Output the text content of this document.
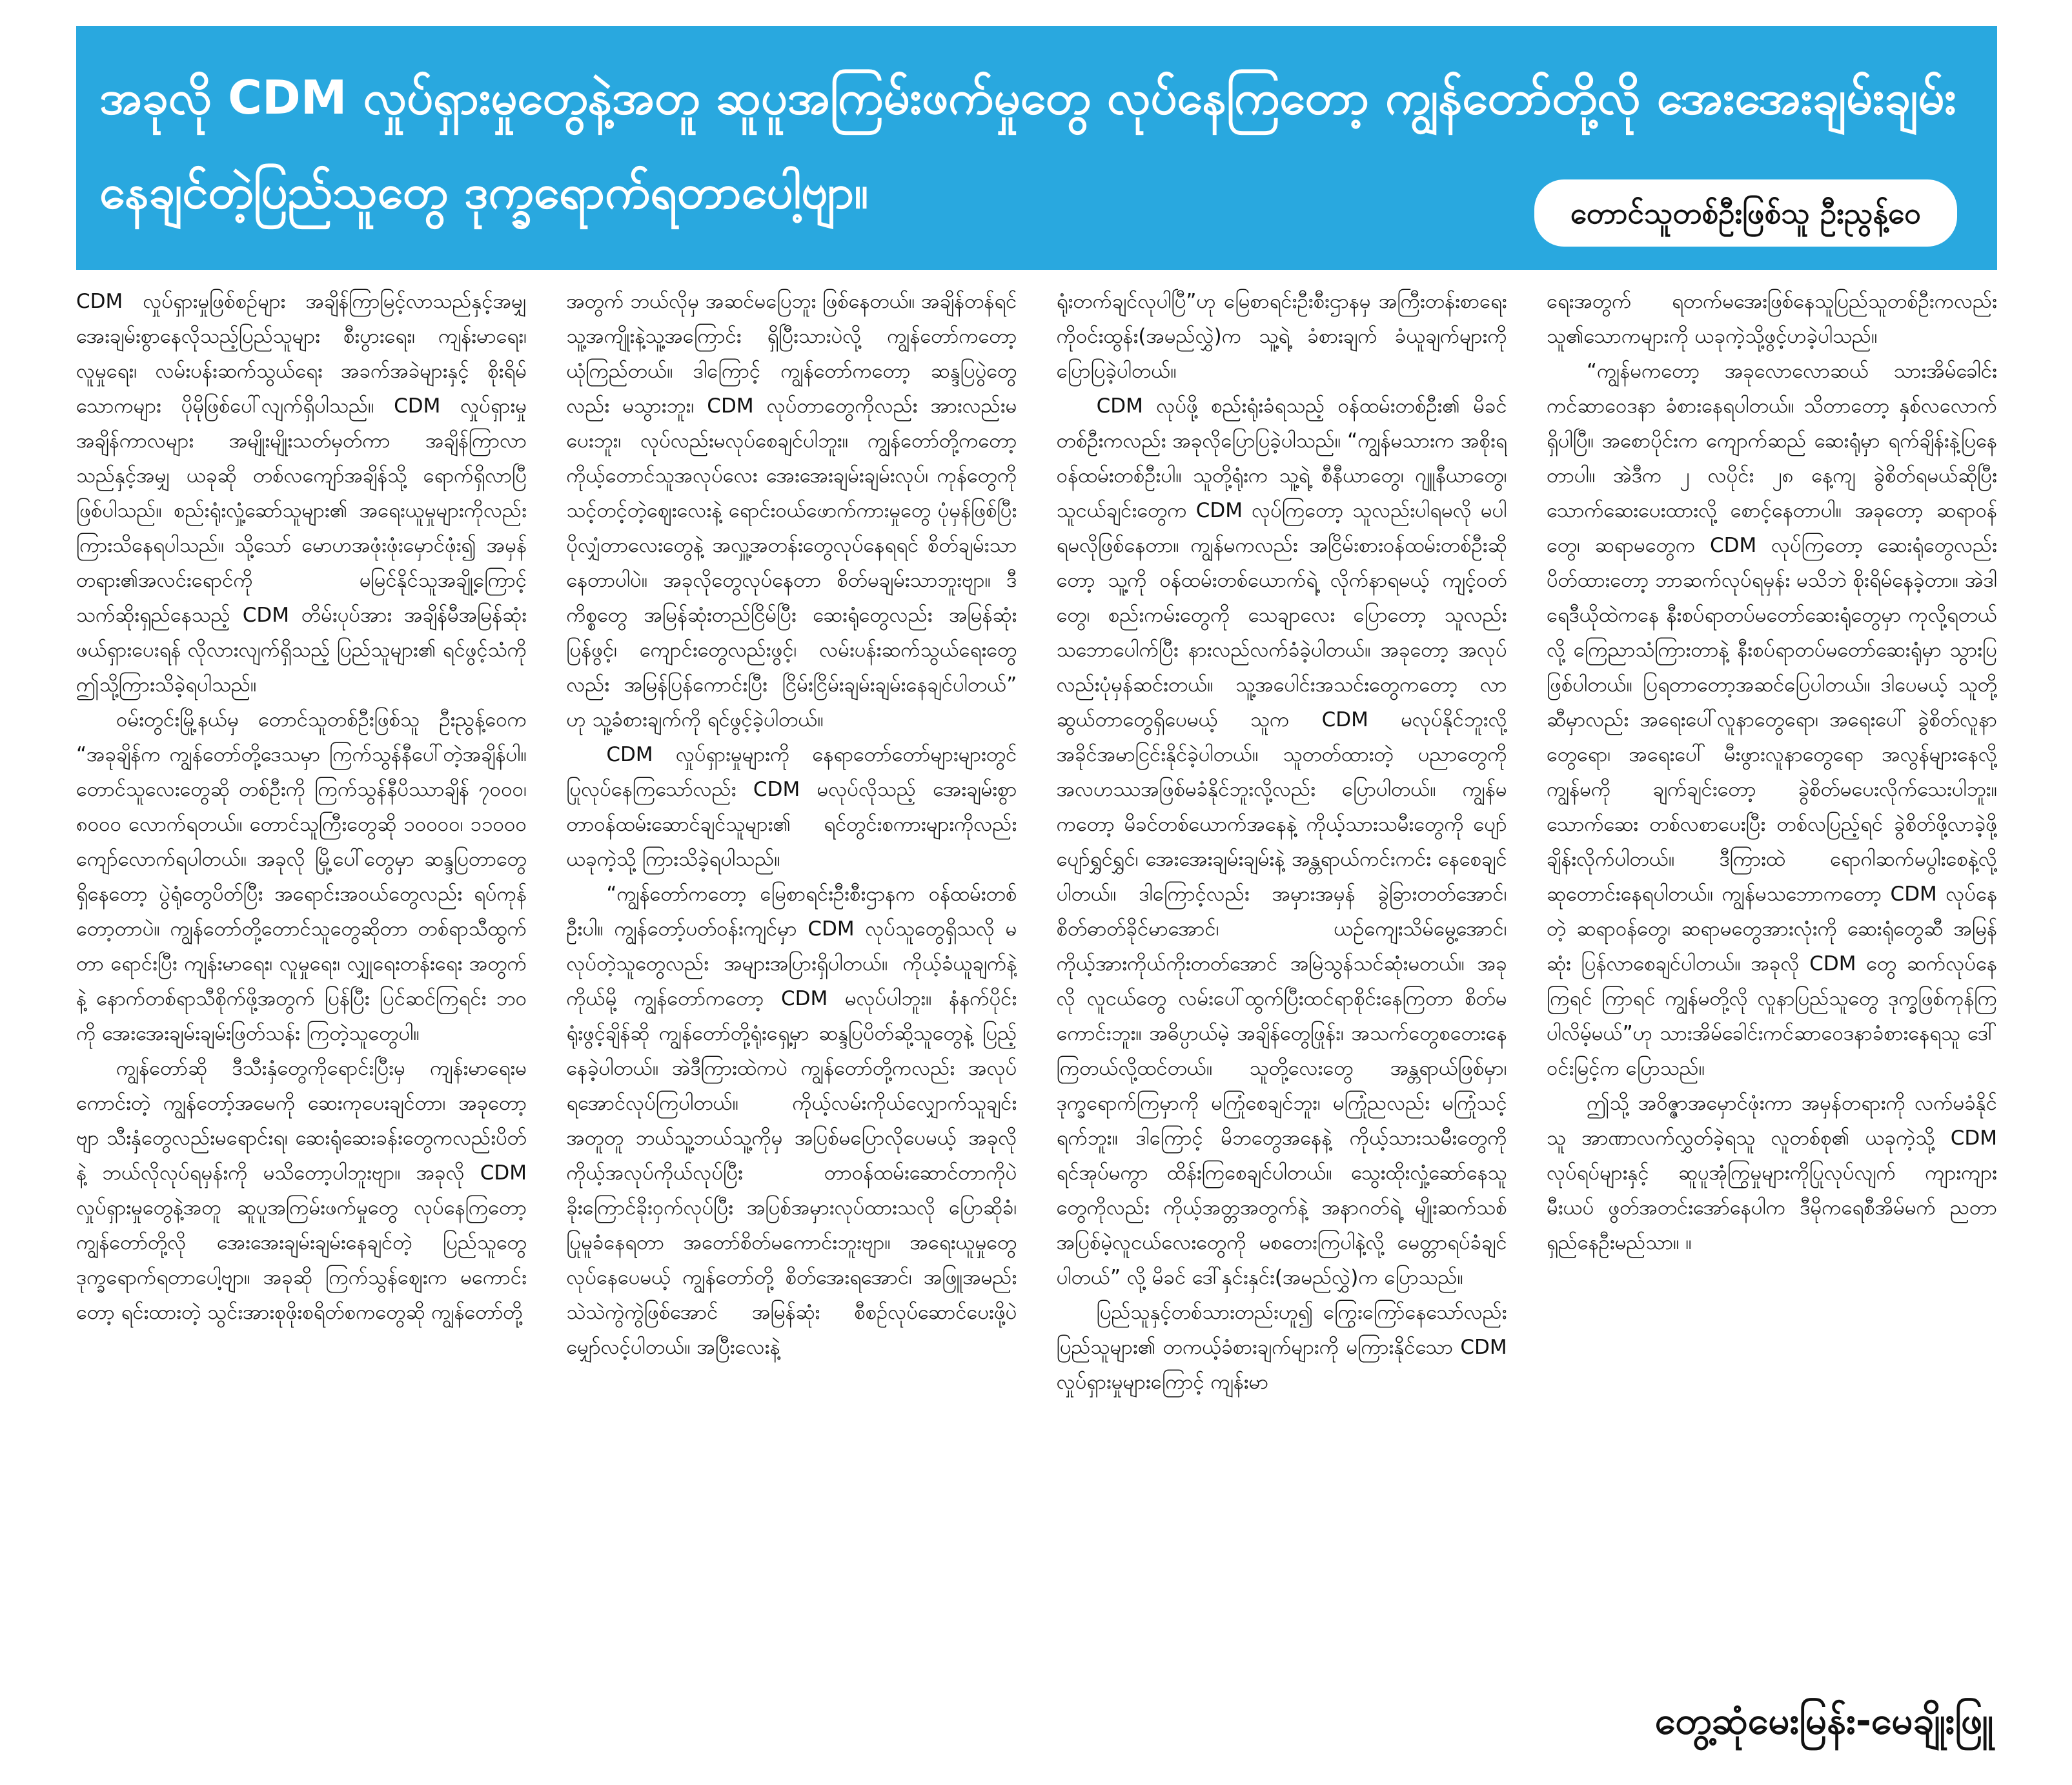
အခုလို CDM လှုပ်ရှားမှုတွေနဲ့အတူ ဆူပူအကြမ်းဖက်မှုတွေ လုပ်နေကြတော့ ကျွန်တော်တို့လို အေးအေးချမ်းချမ်း နေချင်တဲ့ပြည်သူတွေ ဒုက္ခရောက်ရတာပေါ့ဗျာ။	တောင်သူတစ်ဦးဖြစ်သူ ဦးညွန့်ဝေ

CDM လှုပ်ရှားမှုဖြစ်စဉ်များ အချိန်ကြာမြင့်လာသည်နှင့်အမျှ အေးချမ်းစွာနေလိုသည့်ပြည်သူများ စီးပွားရေး၊ ကျန်းမာရေး၊ လူမှုရေး၊ လမ်းပန်းဆက်သွယ်ရေး အခက်အခဲများနှင့် စိုးရိမ်သောကများ ပိုမိုဖြစ်ပေါ်လျက်ရှိပါသည်။ CDM လှုပ်ရှားမှုအချိန်ကာလများ အမျိုးမျိုးသတ်မှတ်ကာ အချိန်ကြာလာသည်နှင့်အမျှ ယခုဆို တစ်လကျော်အချိန်သို့ ရောက်ရှိလာပြီ ဖြစ်ပါသည်။ စည်းရုံးလှုံ့ဆော်သူများ၏ အရေးယူမှုများကိုလည်း ကြားသိနေရပါသည်။ သို့သော် မောဟအဖုံးဖုံးမှောင်ဖုံး၍ အမှန်တရား၏အလင်းရောင်ကို မမြင်နိုင်သူအချို့ကြောင့် သက်ဆိုးရှည်နေသည့် CDM တိမ်းပုပ်အား အချိန်မီအမြန်ဆုံးဖယ်ရှားပေးရန် လိုလားလျက်ရှိသည့် ပြည်သူများ၏ ရင်ဖွင့်သံကို ဤသို့ကြားသိခဲ့ရပါသည်။

ဝမ်းတွင်းမြို့နယ်မှ တောင်သူတစ်ဦးဖြစ်သူ ဦးညွန့်ဝေက “အခုချိန်က ကျွန်တော်တို့ဒေသမှာ ကြက်သွန်နီပေါ်တဲ့အချိန်ပါ။ တောင်သူလေးတွေဆို တစ်ဦးကို ကြက်သွန်နီပိဿာချိန် ၇၀၀၀၊ ၈၀၀၀ လောက်ရတယ်။ တောင်သူကြီးတွေဆို ၁၀၀၀၀၊ ၁၁၀၀၀ ကျော်လောက်ရပါတယ်။ အခုလို မြို့ပေါ်တွေမှာ ဆန္ဒပြတာတွေရှိနေတော့ ပွဲရုံတွေပိတ်ပြီး အရောင်းအဝယ်တွေလည်း ရပ်ကုန်တော့တာပဲ။ ကျွန်တော်တို့တောင်သူတွေဆိုတာ တစ်ရာသီထွက်တာ ရောင်းပြီး ကျန်းမာရေး၊ လူမှုရေး၊ လျှုရေးတန်းရေး အတွက်နဲ့ နောက်တစ်ရာသီစိုက်ဖို့အတွက် ပြန်ပြီး ပြင်ဆင်ကြရင်း ဘဝကို အေးအေးချမ်းချမ်းဖြတ်သန်း ကြတဲ့သူတွေပါ။

ကျွန်တော်ဆို ဒီသီးနှံတွေကိုရောင်းပြီးမှ ကျန်းမာရေးမကောင်းတဲ့ ကျွန်တော့်အမေကို ဆေးကုပေးချင်တာ၊ အခုတော့ဗျာ သီးနှံတွေလည်းမရောင်းရ၊ ဆေးရုံဆေးခန်းတွေကလည်းပိတ်နဲ့ ဘယ်လိုလုပ်ရမှန်းကို မသိတော့ပါဘူးဗျာ။ အခုလို CDM လှုပ်ရှားမှုတွေနဲ့အတူ ဆူပူအကြမ်းဖက်မှုတွေ လုပ်နေကြတော့ ကျွန်တော်တို့လို အေးအေးချမ်းချမ်းနေချင်တဲ့ ပြည်သူတွေ ဒုက္ခရောက်ရတာပေါ့ဗျာ။ အခုဆို ကြက်သွန်ဈေးက မကောင်းတော့ ရင်းထားတဲ့ သွင်းအားစုဖိုးစရိတ်စကတွေဆို ကျွန်တော်တို့

အတွက် ဘယ်လိုမှ အဆင်မပြေဘူး ဖြစ်နေတယ်။ အချိန်တန်ရင် သူ့အကျိုးနဲ့သူ့အကြောင်း ရှိပြီးသားပဲလို့ ကျွန်တော်ကတော့ ယုံကြည်တယ်။ ဒါကြောင့် ကျွန်တော်ကတော့ ဆန္ဒပြပွဲတွေလည်း မသွားဘူး၊ CDM လုပ်တာတွေကိုလည်း အားလည်းမပေးဘူး၊ လုပ်လည်းမလုပ်စေချင်ပါဘူး။ ကျွန်တော်တို့ကတော့ ကိုယ့်တောင်သူအလုပ်လေး အေးအေးချမ်းချမ်းလုပ်၊ ကုန်တွေကိုသင့်တင့်တဲ့ဈေးလေးနဲ့ ရောင်းဝယ်ဖောက်ကားမှုတွေ ပုံမှန်ဖြစ်ပြီး ပိုလျှံတာလေးတွေနဲ့ အလှူ့အတန်းတွေလုပ်နေရရင် စိတ်ချမ်းသာနေတာပါပဲ။ အခုလိုတွေလုပ်နေတာ စိတ်မချမ်းသာဘူးဗျာ။ ဒီကိစ္စတွေ အမြန်ဆုံးတည်ငြိမ်ပြီး ဆေးရုံတွေလည်း အမြန်ဆုံးပြန်ဖွင့်၊ ကျောင်းတွေလည်းဖွင့်၊ လမ်းပန်းဆက်သွယ်ရေးတွေလည်း အမြန်ပြန်ကောင်းပြီး ငြိမ်းငြိမ်းချမ်းချမ်းနေချင်ပါတယ်” ဟု သူ့ခံစားချက်ကို ရင်ဖွင့်ခဲ့ပါတယ်။

CDM လှုပ်ရှားမှုများကို နေရာတော်တော်များများတွင် ပြုလုပ်နေကြသော်လည်း CDM မလုပ်လိုသည့် အေးချမ်းစွာတာဝန်ထမ်းဆောင်ချင်သူများ၏ ရင်တွင်းစကားများကိုလည်း ယခုကဲ့သို့ ကြားသိခဲ့ရပါသည်။

“ကျွန်တော်ကတော့ မြေစာရင်းဦးစီးဌာနက ဝန်ထမ်းတစ်ဦးပါ။ ကျွန်တော့်ပတ်ဝန်းကျင်မှာ CDM လုပ်သူတွေရှိသလို မလုပ်တဲ့သူတွေလည်း အများအပြားရှိပါတယ်။ ကိုယ့်ခံယူချက်နဲ့ကိုယ်မို့ ကျွန်တော်ကတော့ CDM မလုပ်ပါဘူး။ နံနက်ပိုင်း ရုံးဖွင့်ချိန်ဆို ကျွန်တော်တို့ရုံးရှေ့မှာ ဆန္ဒပြပိတ်ဆို့သူတွေနဲ့ ပြည့်နေခဲ့ပါတယ်။ အဲဒီကြားထဲကပဲ ကျွန်တော်တို့ကလည်း အလုပ်ရအောင်လုပ်ကြပါတယ်။ ကိုယ့်လမ်းကိုယ်လျှောက်သူချင်းအတူတူ ဘယ်သူ့ဘယ်သူ့ကိုမှ အပြစ်မပြောလိုပေမယ့် အခုလို ကိုယ့်အလုပ်ကိုယ်လုပ်ပြီး တာဝန်ထမ်းဆောင်တာကိုပဲ ခိုးကြောင်ခိုးဝှက်လုပ်ပြီး အပြစ်အမှားလုပ်ထားသလို ပြောဆိုခံ၊ ပြုမူခံနေရတာ အတော်စိတ်မကောင်းဘူးဗျာ။ အရေးယူမှုတွေ လုပ်နေပေမယ့် ကျွန်တော်တို့ စိတ်အေးရအောင်၊ အဖြူအမည်းသဲသဲကွဲကွဲဖြစ်အောင် အမြန်ဆုံး စီစဉ်လုပ်ဆောင်ပေးဖို့ပဲ မျှော်လင့်ပါတယ်။ အပြီးလေးနဲ့

ရုံးတက်ချင်လုပါပြီ”ဟု မြေစာရင်းဦးစီးဌာနမှ အကြီးတန်းစာရေး ကိုဝင်းထွန်း(အမည်လွှဲ)က သူ့ရဲ့ ခံစားချက် ခံယူချက်များကို ပြောပြခဲ့ပါတယ်။

CDM လုပ်ဖို့ စည်းရုံးခံရသည့် ဝန်ထမ်းတစ်ဦး၏ မိခင်တစ်ဦးကလည်း အခုလိုပြောပြခဲ့ပါသည်။ “ကျွန်မသားက အစိုးရဝန်ထမ်းတစ်ဦးပါ။ သူတို့ရုံးက သူ့ရဲ့ စီနီယာတွေ၊ ဂျူနီယာတွေ၊ သူငယ်ချင်းတွေက CDM လုပ်ကြတော့ သူလည်းပါရမလို မပါရမလိုဖြစ်နေတာ။ ကျွန်မကလည်း အငြိမ်းစားဝန်ထမ်းတစ်ဦးဆိုတော့ သူ့ကို ဝန်ထမ်းတစ်ယောက်ရဲ့ လိုက်နာရမယ့် ကျင့်ဝတ်တွေ၊ စည်းကမ်းတွေကို သေချာလေး ပြောတော့ သူလည်းသဘောပေါက်ပြီး နားလည်လက်ခံခဲ့ပါတယ်။ အခုတော့ အလုပ်လည်းပုံမှန်ဆင်းတယ်။ သူ့အပေါင်းအသင်းတွေကတော့ လာဆွယ်တာတွေရှိပေမယ့် သူက CDM မလုပ်နိုင်ဘူးလို့ အခိုင်အမာငြင်းနိုင်ခဲ့ပါတယ်။ သူတတ်ထားတဲ့ ပညာတွေကို အလဟဿအဖြစ်မခံနိုင်ဘူးလို့လည်း ပြောပါတယ်။ ကျွန်မကတော့ မိခင်တစ်ယောက်အနေနဲ့ ကိုယ့်သားသမီးတွေကို ပျော်ပျော်ရွှင်ရွှင်၊ အေးအေးချမ်းချမ်းနဲ့ အန္တရာယ်ကင်းကင်း နေစေချင်ပါတယ်။ ဒါကြောင့်လည်း အမှားအမှန် ခွဲခြားတတ်အောင်၊ စိတ်ဓာတ်ခိုင်မာအောင်၊ ယဉ်ကျေးသိမ်မွေ့အောင်၊ ကိုယ့်အားကိုယ်ကိုးတတ်အောင် အမြဲသွန်သင်ဆုံးမတယ်။ အခုလို လူငယ်တွေ လမ်းပေါ်ထွက်ပြီးထင်ရာစိုင်းနေကြတာ စိတ်မကောင်းဘူး။ အဓိပ္ပာယ်မဲ့ အချိန်တွေဖြုန်း၊ အသက်တွေစတေးနေကြတယ်လို့ထင်တယ်။ သူတို့လေးတွေ အန္တရာယ်ဖြစ်မှာ၊ ဒုက္ခရောက်ကြမှာကို မကြုံစေချင်ဘူး၊ မကြုံညလည်း မကြုံသင့်ရက်ဘူး။ ဒါကြောင့် မိဘတွေအနေနဲ့ ကိုယ့်သားသမီးတွေကို ရင်အုပ်မကွာ ထိန်းကြစေချင်ပါတယ်။ သွေးထိုးလှုံ့ဆော်နေသူတွေကိုလည်း ကိုယ့်အတ္တအတွက်နဲ့ အနာဂတ်ရဲ့ မျိုးဆက်သစ် အပြစ်မဲ့လူငယ်လေးတွေကို မစတေးကြပါနဲ့လို့ မေတ္တာရပ်ခံချင်ပါတယ်” လို့ မိခင် ဒေါ်နှင်းနှင်း(အမည်လွှဲ)က ပြောသည်။

ပြည်သူနှင့်တစ်သားတည်းဟူ၍ ကြွေးကြော်နေသော်လည်း ပြည်သူများ၏ တကယ့်ခံစားချက်များကို မကြားနိုင်သော CDM လှုပ်ရှားမှုများကြောင့် ကျန်းမာ

ရေးအတွက် ရတက်မအေးဖြစ်နေသူပြည်သူတစ်ဦးကလည်း သူ၏သောကများကို ယခုကဲ့သို့ဖွင့်ဟခဲ့ပါသည်။

“ကျွန်မကတော့ အခုလောလောဆယ် သားအိမ်ခေါင်းကင်ဆာဝေဒနာ ခံစားနေရပါတယ်။ သိတာတော့ နှစ်လလောက်ရှိပါပြီ။ အစောပိုင်းက ကျောက်ဆည် ဆေးရုံမှာ ရက်ချိန်းနဲ့ပြနေတာပါ။ အဲဒီက ၂ လပိုင်း ၂၈ နေ့ကျ ခွဲစိတ်ရမယ်ဆိုပြီး သောက်ဆေးပေးထားလို့ စောင့်နေတာပါ။ အခုတော့ ဆရာဝန်တွေ၊ ဆရာမတွေက CDM လုပ်ကြတော့ ဆေးရုံတွေလည်း ပိတ်ထားတော့ ဘာဆက်လုပ်ရမှန်း မသိဘဲ စိုးရိမ်နေခဲ့တာ။ အဲဒါ ရေဒီယိုထဲကနေ နီးစပ်ရာတပ်မတော်ဆေးရုံတွေမှာ ကုလို့ရတယ်လို့ ကြေညာသံကြားတာနဲ့ နီးစပ်ရာတပ်မတော်ဆေးရုံမှာ သွားပြဖြစ်ပါတယ်။ ပြရတာတော့အဆင်ပြေပါတယ်။ ဒါပေမယ့် သူတို့ဆီမှာလည်း အရေးပေါ်လူနာတွေရော၊ အရေးပေါ် ခွဲစိတ်လူနာတွေရော၊ အရေးပေါ် မီးဖွားလူနာတွေရော အလွန်များနေလို့ ကျွန်မကို ချက်ချင်းတော့ ခွဲစိတ်မပေးလိုက်သေးပါဘူး။ သောက်ဆေး တစ်လစာပေးပြီး တစ်လပြည့်ရင် ခွဲစိတ်ဖို့လာခဲ့ဖို့ ချိန်းလိုက်ပါတယ်။ ဒီကြားထဲ ရောဂါဆက်မပွါးစေနဲ့လို့ ဆုတောင်းနေရပါတယ်။ ကျွန်မသဘောကတော့ CDM လုပ်နေတဲ့ ဆရာဝန်တွေ၊ ဆရာမတွေအားလုံးကို ဆေးရုံတွေဆီ အမြန်ဆုံး ပြန်လာစေချင်ပါတယ်။ အခုလို CDM တွေ ဆက်လုပ်နေကြရင် ကြာရင် ကျွန်မတို့လို လူနာပြည်သူတွေ ဒုက္ခဖြစ်ကုန်ကြပါလိမ့်မယ်”ဟု သားအိမ်ခေါင်းကင်ဆာဝေဒနာခံစားနေရသူ ဒေါ်ဝင်းမြင့်က ပြောသည်။

ဤသို့ အဝိဇ္ဇာအမှောင်ဖုံးကာ အမှန်တရားကို လက်မခံနိုင်သူ အာဏာလက်လွှတ်ခဲ့ရသူ လူတစ်စု၏ ယခုကဲ့သို့ CDM လုပ်ရပ်များနှင့် ဆူပူအုံကြွမှုများကိုပြုလုပ်လျက် ကျားကျားမီးယပ် ဖွတ်အတင်းအော်နေပါက ဒီမိုကရေစီအိမ်မက် ညတာရှည်နေဦးမည်သာ။ ။

တွေ့ဆုံမေးမြန်း-မေချိုးဖြူ
